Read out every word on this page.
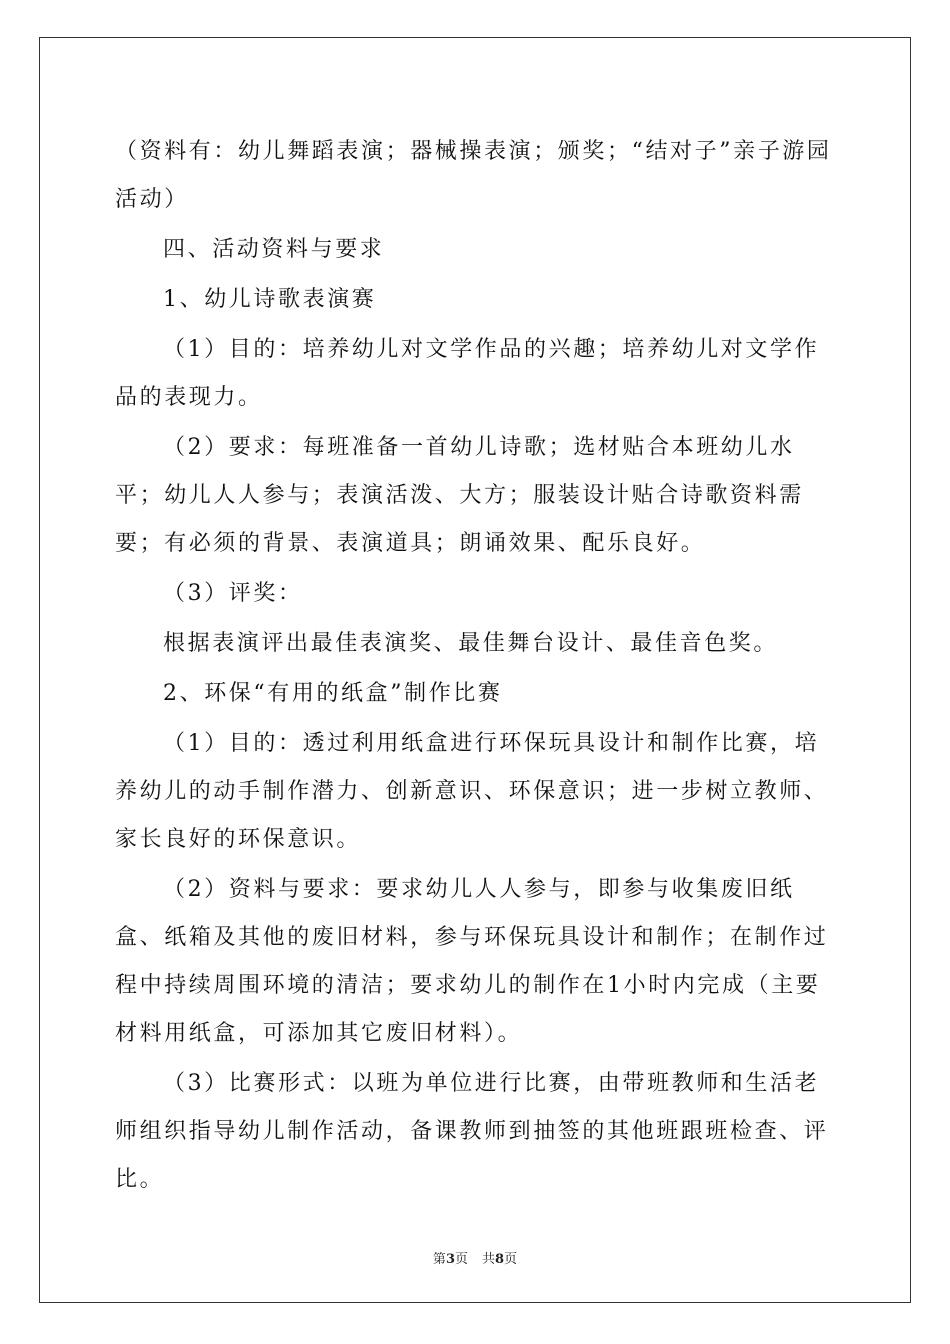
（资料有：幼儿舞蹈表演；器械操表演；颁奖；“结对子”亲子游园活动）

四、活动资料与要求

1、幼儿诗歌表演赛

（1）目的：培养幼儿对文学作品的兴趣；培养幼儿对文学作品的表现力。

（2）要求：每班准备一首幼儿诗歌；选材贴合本班幼儿水平；幼儿人人参与；表演活泼、大方；服装设计贴合诗歌资料需要；有必须的背景、表演道具；朗诵效果、配乐良好。

（3）评奖：

根据表演评出最佳表演奖、最佳舞台设计、最佳音色奖。

2、环保“有用的纸盒”制作比赛

（1）目的：透过利用纸盒进行环保玩具设计和制作比赛，培养幼儿的动手制作潜力、创新意识、环保意识；进一步树立教师、家长良好的环保意识。

（2）资料与要求：要求幼儿人人参与，即参与收集废旧纸盒、纸箱及其他的废旧材料，参与环保玩具设计和制作；在制作过程中持续周围环境的清洁；要求幼儿的制作在1小时内完成（主要材料用纸盒，可添加其它废旧材料）。

（3）比赛形式：以班为单位进行比赛，由带班教师和生活老师组织指导幼儿制作活动，备课教师到抽签的其他班跟班检查、评比。

第3页 共8页
